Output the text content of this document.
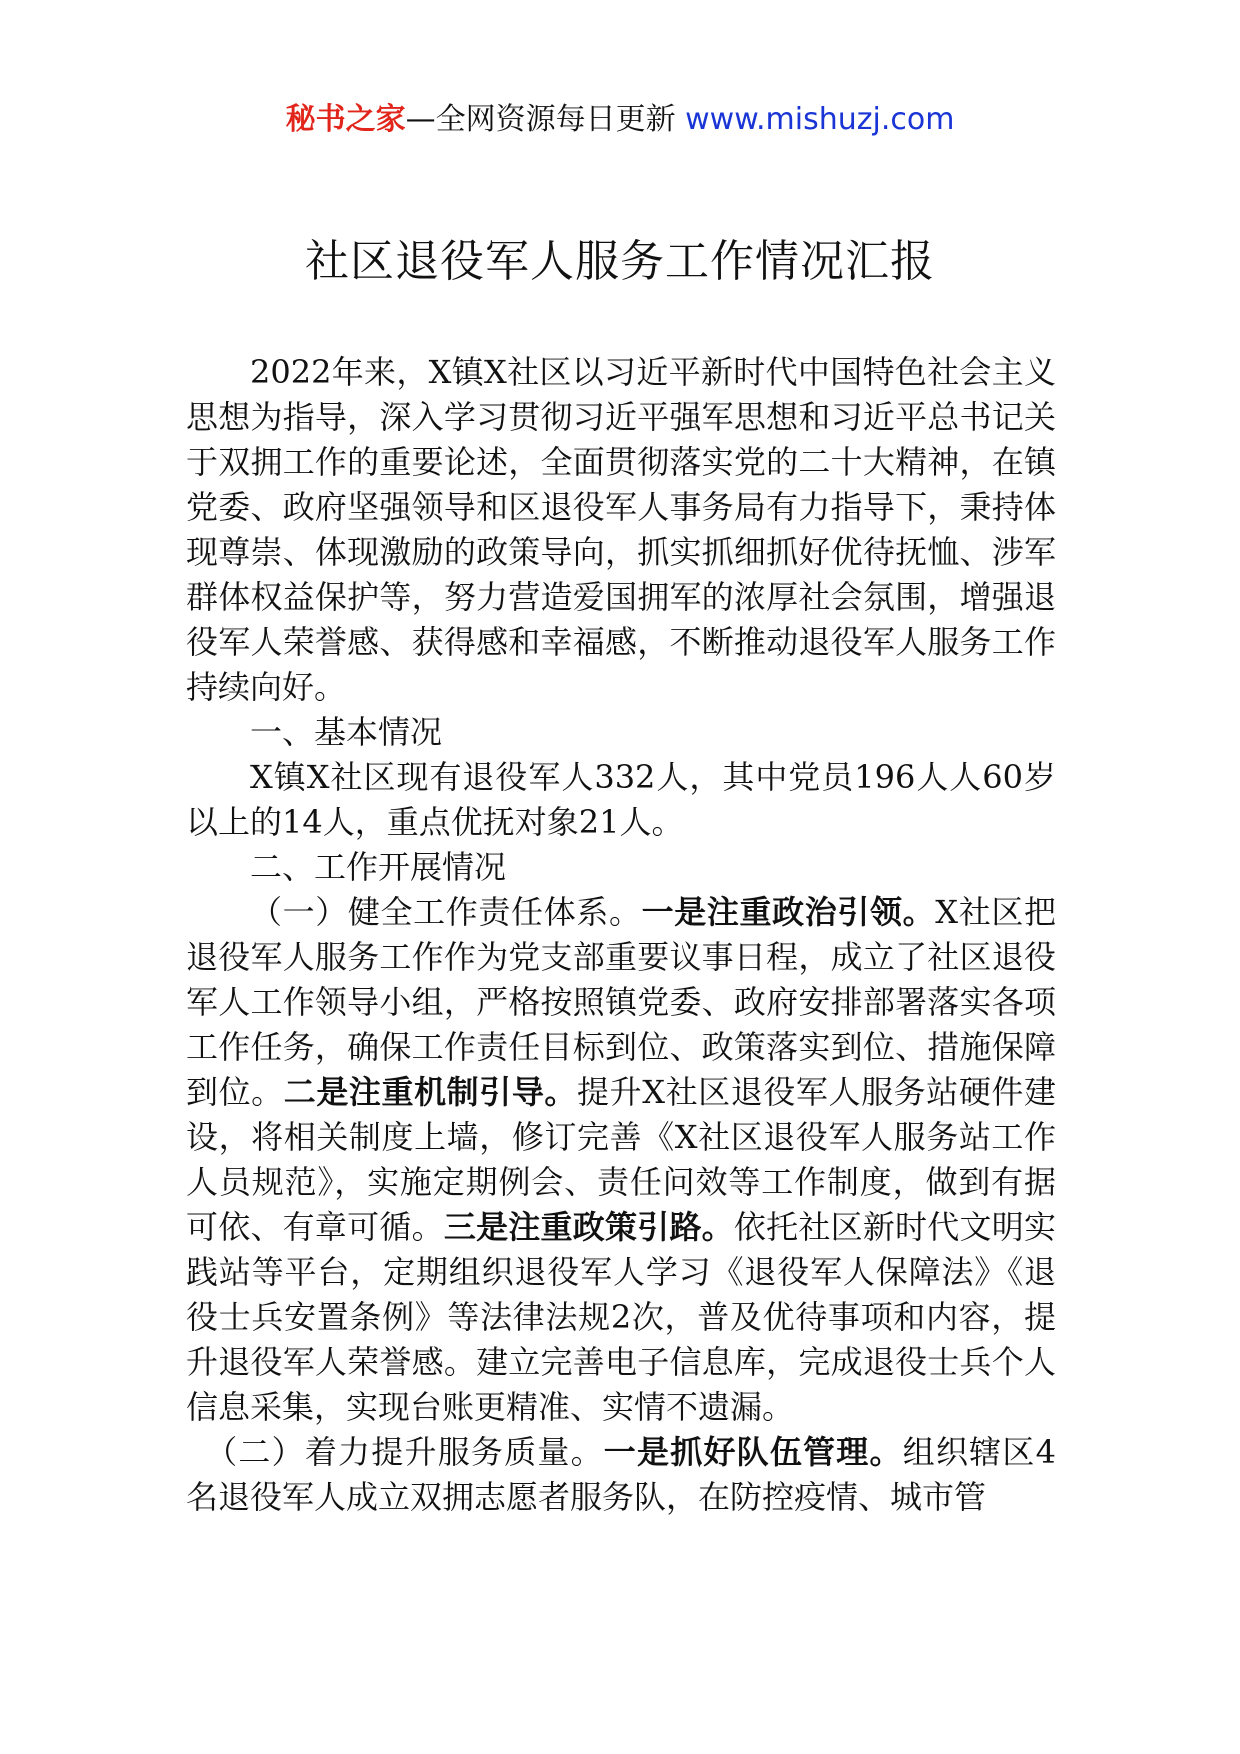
秘书之家—全网资源每日更新 www.mishuzj.com
社区退役军人服务工作情况汇报

2022年来，X镇X社区以习近平新时代中国特色社会主义思想为指导，深入学习贯彻习近平强军思想和习近平总书记关于双拥工作的重要论述，全面贯彻落实党的二十大精神，在镇党委、政府坚强领导和区退役军人事务局有力指导下，秉持体现尊崇、体现激励的政策导向，抓实抓细抓好优待抚恤、涉军群体权益保护等，努力营造爱国拥军的浓厚社会氛围，增强退役军人荣誉感、获得感和幸福感，不断推动退役军人服务工作持续向好。

一、基本情况

X镇X社区现有退役军人332人，其中党员196人人60岁以上的14人，重点优抚对象21人。

二、工作开展情况

（一）健全工作责任体系。一是注重政治引领。X社区把退役军人服务工作作为党支部重要议事日程，成立了社区退役军人工作领导小组，严格按照镇党委、政府安排部署落实各项工作任务，确保工作责任目标到位、政策落实到位、措施保障到位。二是注重机制引导。提升X社区退役军人服务站硬件建设，将相关制度上墙，修订完善《X社区退役军人服务站工作人员规范》，实施定期例会、责任问效等工作制度，做到有据可依、有章可循。三是注重政策引路。依托社区新时代文明实践站等平台，定期组织退役军人学习《退役军人保障法》《退役士兵安置条例》等法律法规2次，普及优待事项和内容，提升退役军人荣誉感。建立完善电子信息库，完成退役士兵个人信息采集，实现台账更精准、实情不遗漏。

（二）着力提升服务质量。一是抓好队伍管理。组织辖区4名退役军人成立双拥志愿者服务队，在防控疫情、城市管
